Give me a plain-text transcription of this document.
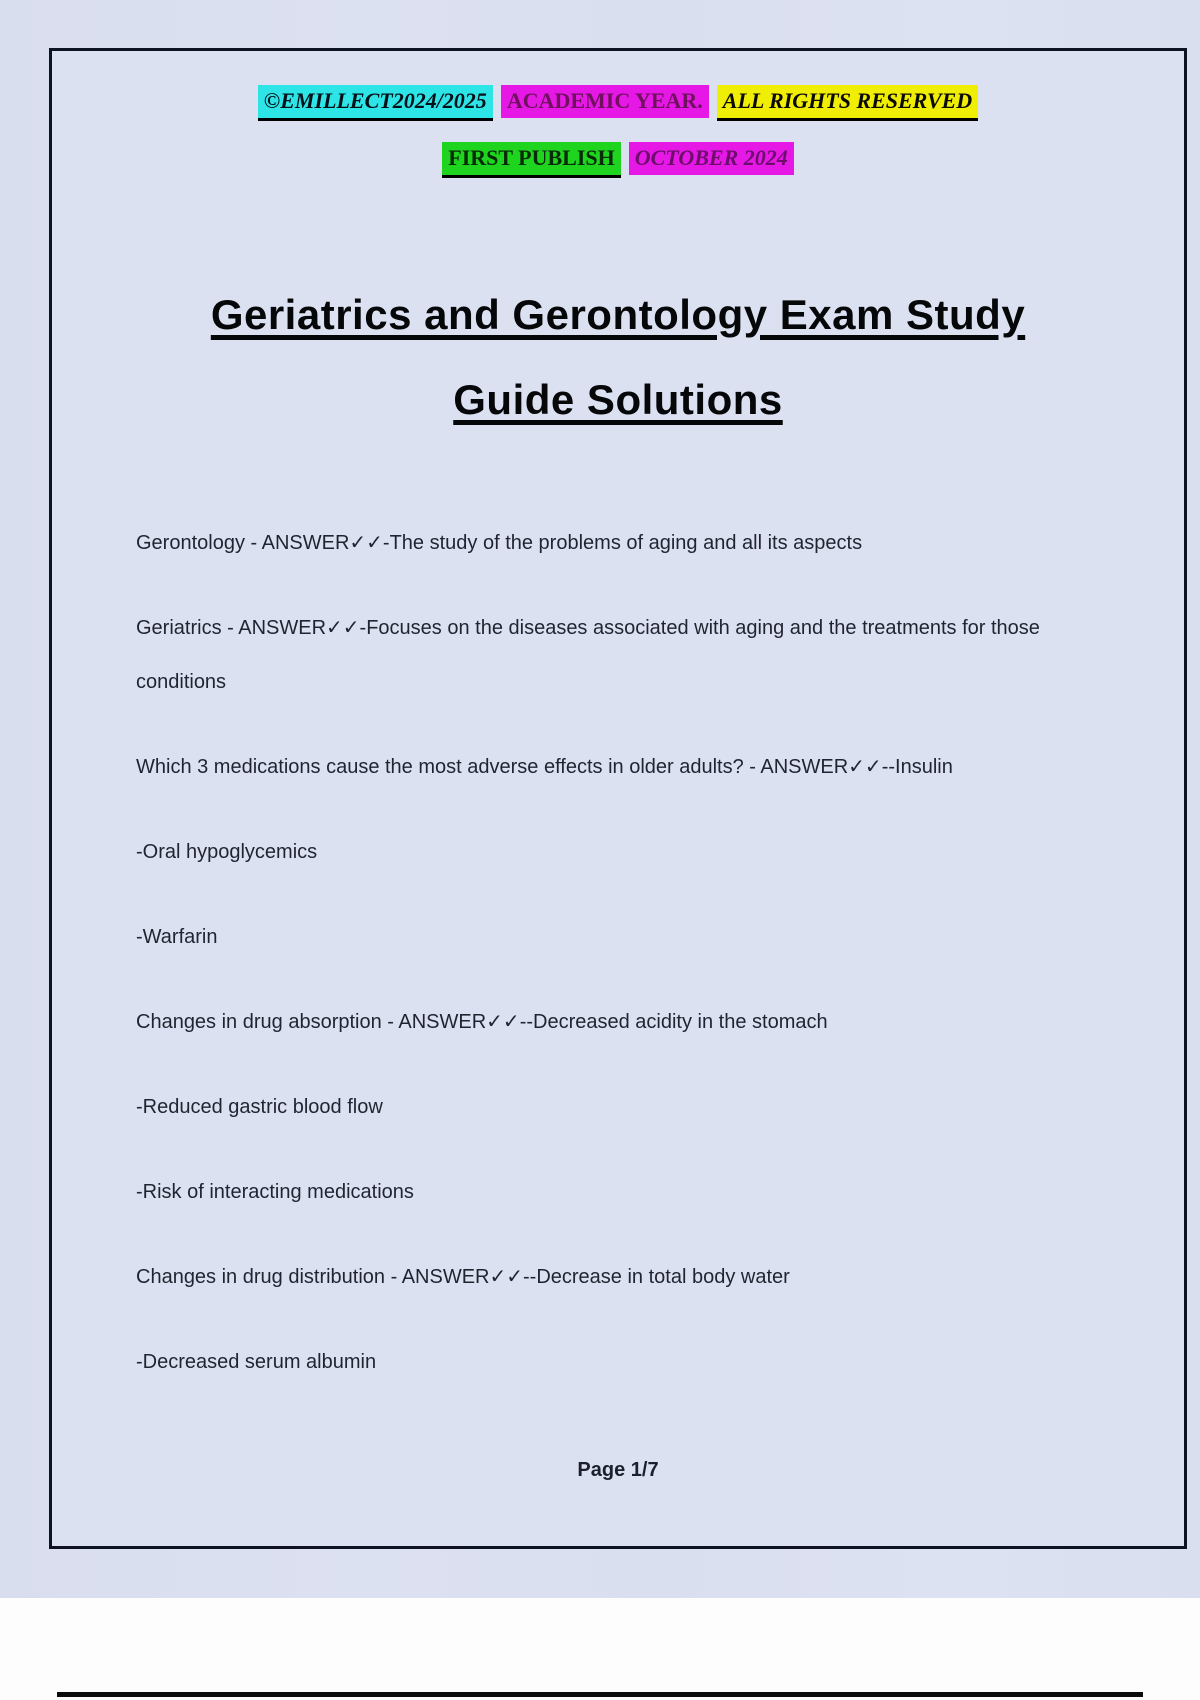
©EMILLECT2024/2025 ACADEMIC YEAR. ALL RIGHTS RESERVED
FIRST PUBLISH OCTOBER 2024
Geriatrics and Gerontology Exam Study
Guide Solutions

Gerontology - ANSWER✓✓-The study of the problems of aging and all its aspects

Geriatrics - ANSWER✓✓-Focuses on the diseases associated with aging and the treatments for those conditions

Which 3 medications cause the most adverse effects in older adults? - ANSWER✓✓--Insulin

-Oral hypoglycemics

-Warfarin

Changes in drug absorption - ANSWER✓✓--Decreased acidity in the stomach

-Reduced gastric blood flow

-Risk of interacting medications

Changes in drug distribution - ANSWER✓✓--Decrease in total body water

-Decreased serum albumin

Page 1/7
